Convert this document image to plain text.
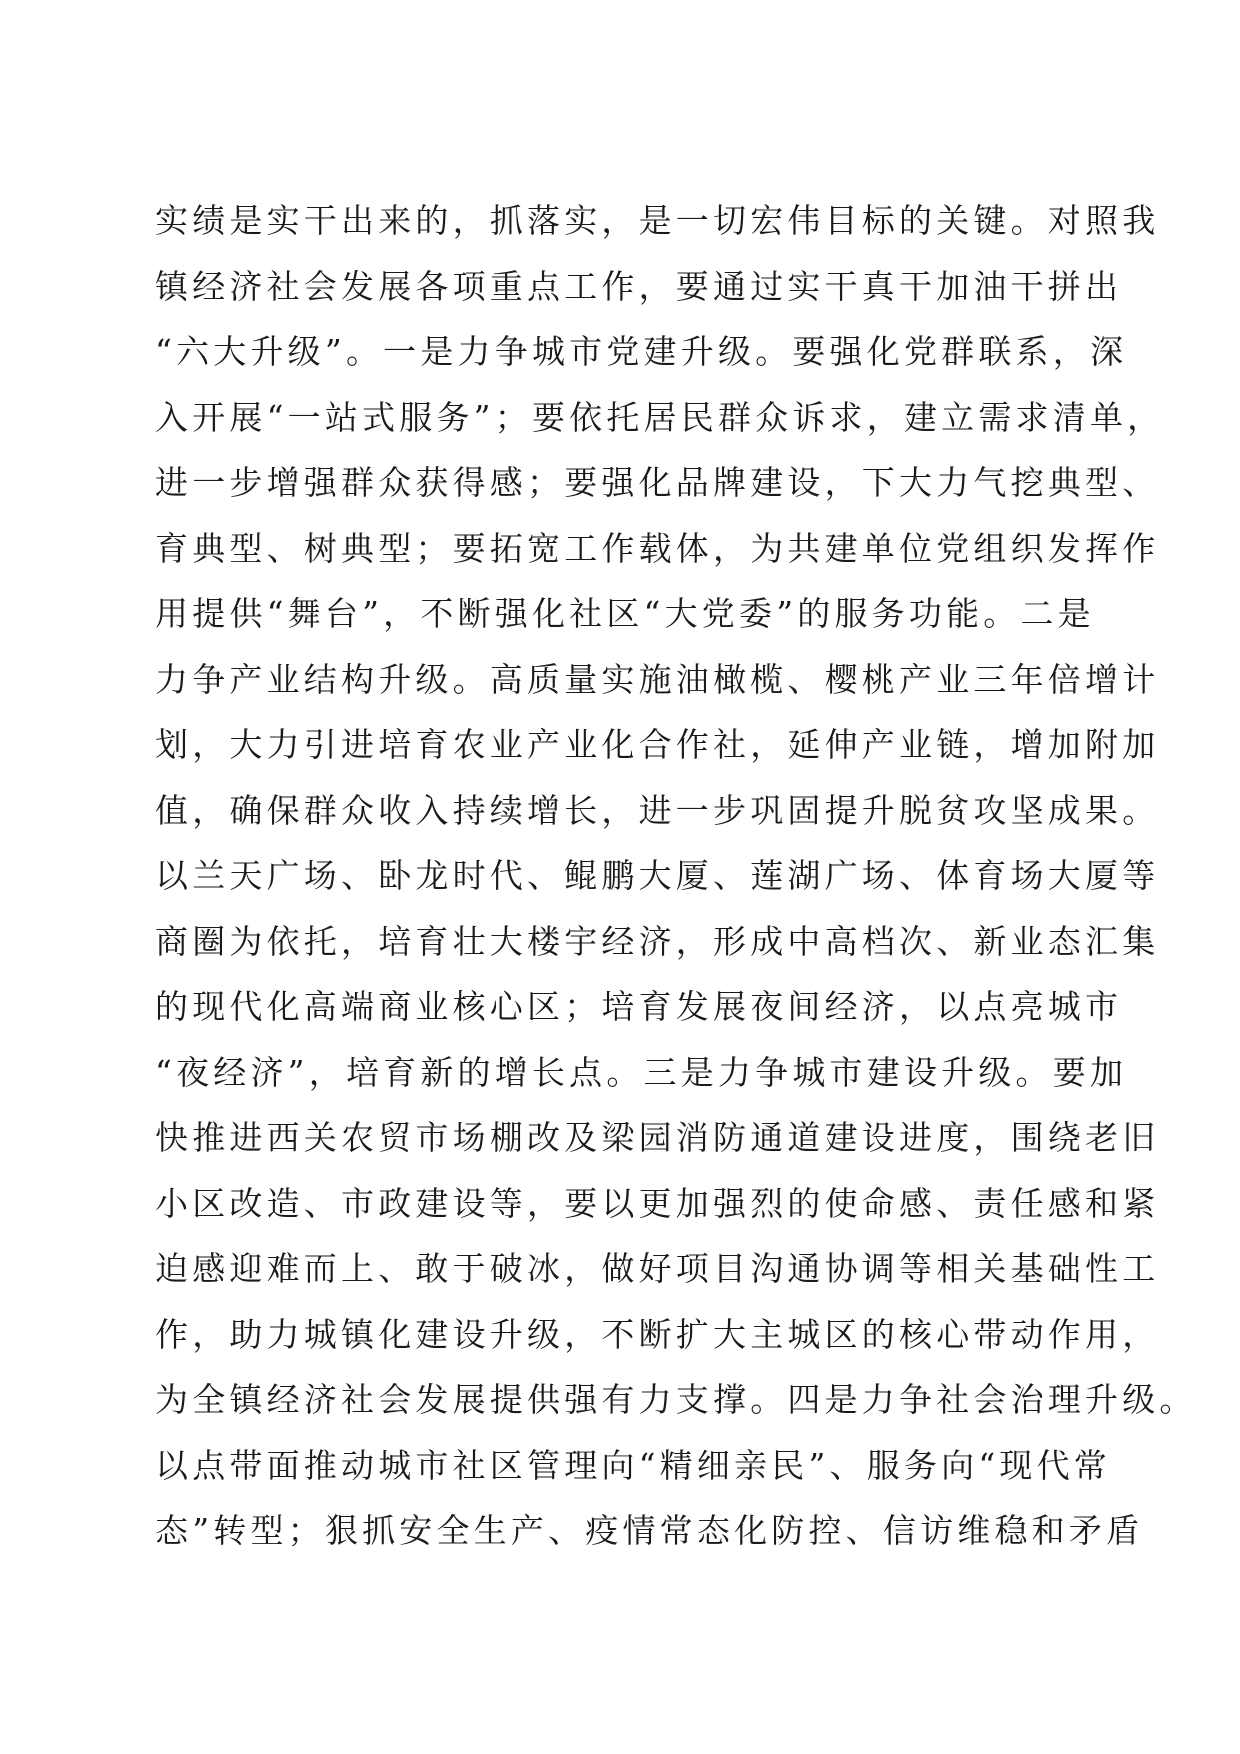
实绩是实干出来的，抓落实，是一切宏伟目标的关键。对照我
镇经济社会发展各项重点工作，要通过实干真干加油干拼出
“六大升级”。一是力争城市党建升级。要强化党群联系，深
入开展“一站式服务”；要依托居民群众诉求，建立需求清单，
进一步增强群众获得感；要强化品牌建设，下大力气挖典型、
育典型、树典型；要拓宽工作载体，为共建单位党组织发挥作
用提供“舞台”，不断强化社区“大党委”的服务功能。二是
力争产业结构升级。高质量实施油橄榄、樱桃产业三年倍增计
划，大力引进培育农业产业化合作社，延伸产业链，增加附加
值，确保群众收入持续增长，进一步巩固提升脱贫攻坚成果。
以兰天广场、卧龙时代、鲲鹏大厦、莲湖广场、体育场大厦等
商圈为依托，培育壮大楼宇经济，形成中高档次、新业态汇集
的现代化高端商业核心区；培育发展夜间经济，以点亮城市
“夜经济”，培育新的增长点。三是力争城市建设升级。要加
快推进西关农贸市场棚改及梁园消防通道建设进度，围绕老旧
小区改造、市政建设等，要以更加强烈的使命感、责任感和紧
迫感迎难而上、敢于破冰，做好项目沟通协调等相关基础性工
作，助力城镇化建设升级，不断扩大主城区的核心带动作用，
为全镇经济社会发展提供强有力支撑。四是力争社会治理升级。
以点带面推动城市社区管理向“精细亲民”、服务向“现代常
态”转型；狠抓安全生产、疫情常态化防控、信访维稳和矛盾
